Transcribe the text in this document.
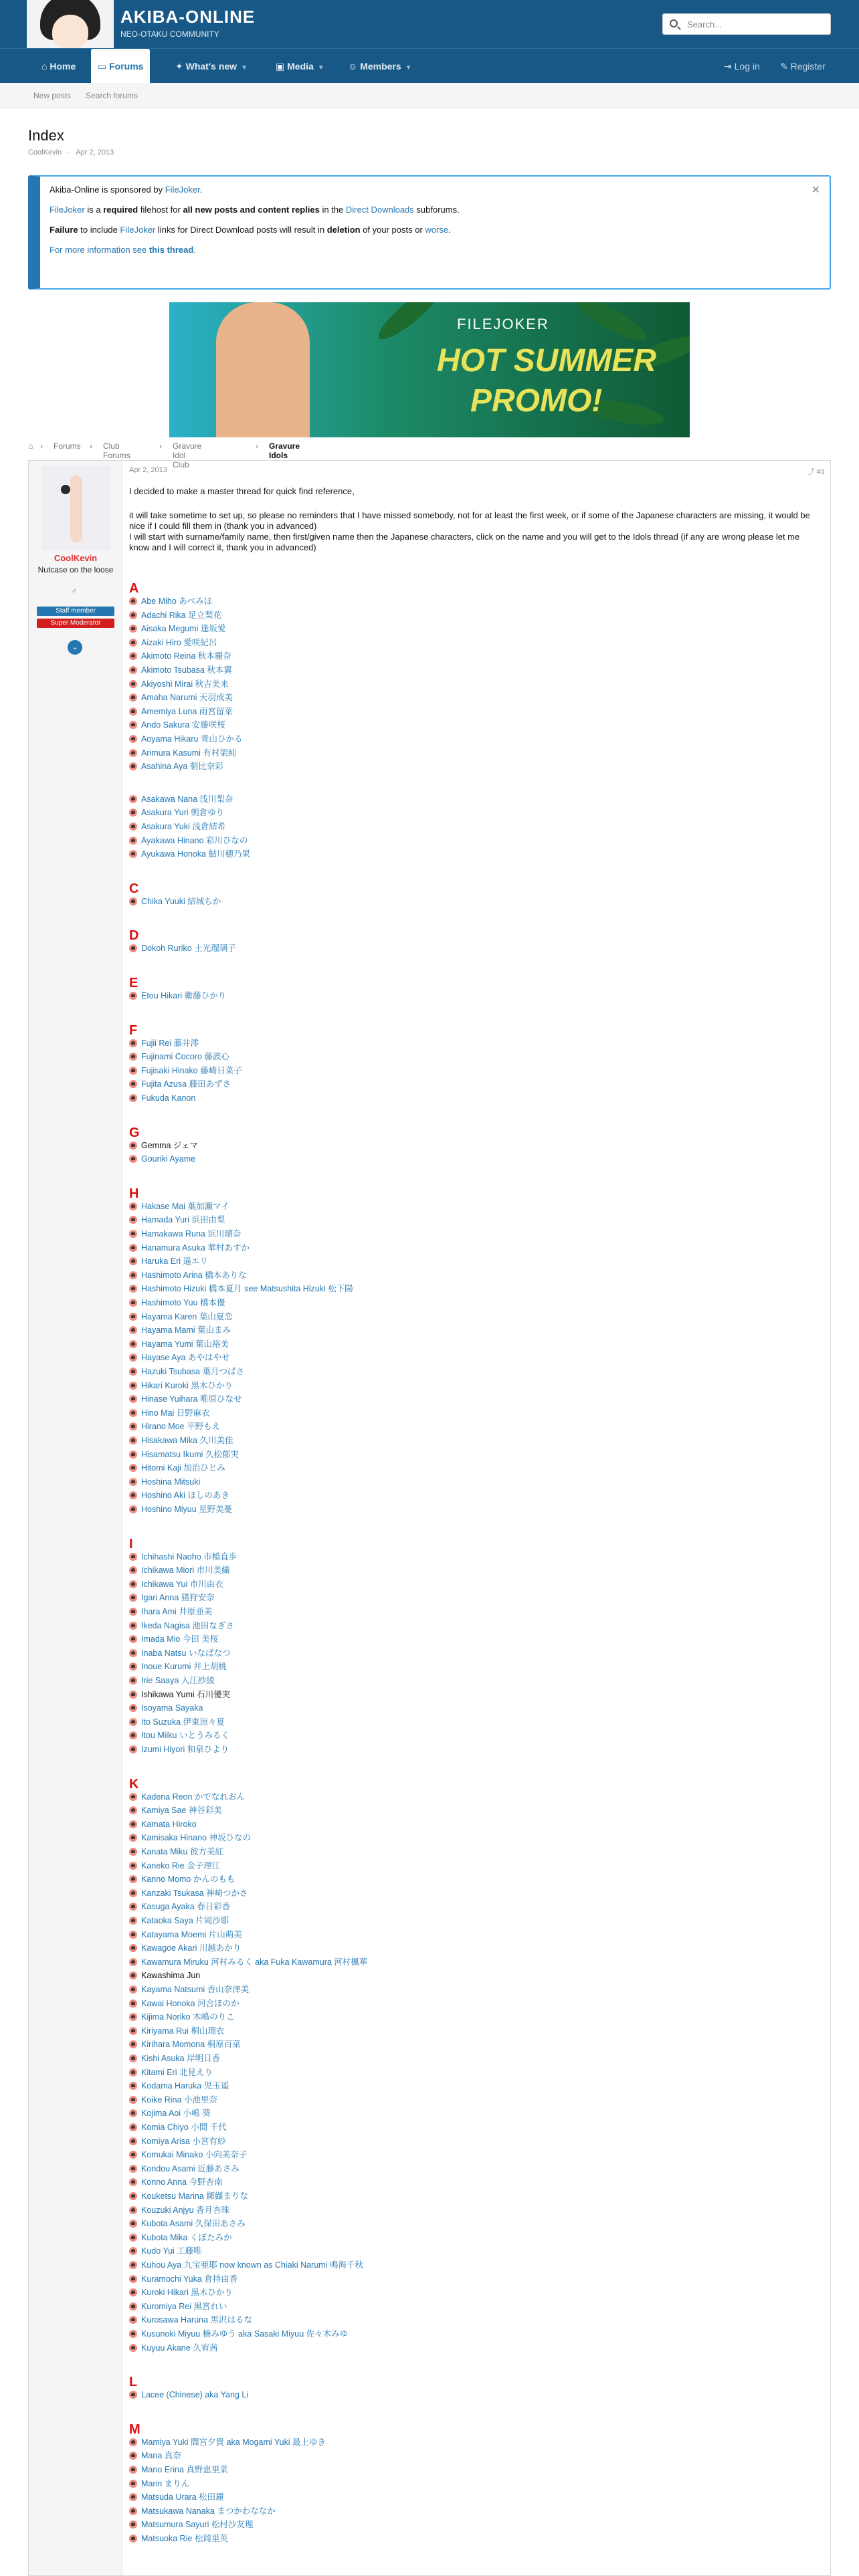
AKIBA-ONLINE
NEO-OTAKU COMMUNITY
Search...
⌂ Home	▭ Forums	✦ What's new ▼	▣ Media ▼	☺ Members ▼	⇥ Log in ✎ Register
New posts Search forums
Index
CoolKevin · Apr 2, 2013
✕

Akiba-Online is sponsored by FileJoker.

FileJoker is a required filehost for all new posts and content replies in the Direct Downloads subforums.

Failure to include FileJoker links for Direct Download posts will result in deletion of your posts or worse.

For more information see this thread.

FILEJOKER
HOT SUMMER
PROMO!
⌂ › Forums › Club Forums
› Gravure Idol Club
› Gravure Idols
CoolKevin
Nutcase on the loose
♂
Staff member
Super Moderator
⌄
Apr 2, 2013	⤴ #1

I decided to make a master thread for quick find reference,

it will take sometime to set up, so please no reminders that I have missed somebody, not for at least the first week, or if some of the Japanese characters are missing, it would be nice if I could fill them in (thank you in advanced)

I will start with surname/family name, then first/given name then the Japanese characters, click on the name and you will get to the Idols thread (if any are wrong please let me know and I will correct it, thank you in advanced)

A
Abe Miho あべみほ
Adachi Rika 足立梨花
Aisaka Megumi 逢坂愛
Aizaki Hiro 愛咲紀呂
Akimoto Reina 秋本麗奈
Akimoto Tsubasa 秋本翼
Akiyoshi Mirai 秋吉美来
Amaha Narumi 天羽成美
Amemiya Luna 雨宮留菜
Ando Sakura 安藤咲桜
Aoyama Hikaru 青山ひかる
Arimura Kasumi 有村架純
Asahina Aya 朝比奈彩
Asakawa Nana 浅川梨奈
Asakura Yuri 朝倉ゆり
Asakura Yuki 浅倉結希
Ayakawa Hinano 彩川ひなの
Ayukawa Honoka 鮎川穂乃果
C
Chika Yuuki 結城ちか
D
Dokoh Ruriko 土光瑠璃子
E
Etou Hikari 衛藤ひかり
F
Fujii Rei 藤井澪
Fujinami Cocoro 藤波心
Fujisaki Hinako 藤崎日菜子
Fujita Azusa 藤田あずさ
Fukuda Kanon
G
Gemma ジェマ
Gouriki Ayame
H
Hakase Mai 葉加瀬マイ
Hamada Yuri 浜田由梨
Hamakawa Runa 浜川瑠奈
Hanamura Asuka 華村あすか
Haruka Eri 遥エリ
Hashimoto Arina 橋本ありな
Hashimoto Hizuki 橋本夏月 see Matsushita Hizuki 松下陽
Hashimoto Yuu 橋本優
Hayama Karen 葉山夏恋
Hayama Mami 葉山まみ
Hayama Yumi 葉山裕美
Hayase Aya あやはやせ
Hazuki Tsubasa 葉月つばさ
Hikari Kuroki 黒木ひかり
Hinase Yuihara 唯原ひなせ
Hino Mai 日野麻衣
Hirano Moe 平野もえ
Hisakawa Mika 久川美佳
Hisamatsu Ikumi 久松郁実
Hitomi Kaji 加治ひとみ
Hoshina Mitsuki
Hoshino Aki ほしのあき
Hoshino Miyuu 星野美憂
I
Ichihashi Naoho 市橋直歩
Ichikawa Miori 市川美織
Ichikawa Yui 市川由衣
Igari Anna 猪狩安奈
Ihara Ami 井原亜美
Ikeda Nagisa 池田なぎさ
Imada Mio 今田 美桜
Inaba Natsu いなばなつ
Inoue Kurumi 井上胡桃
Irie Saaya 入江紗綾
Ishikawa Yumi 石川優実
Isoyama Sayaka
Ito Suzuka 伊東涼々夏
Itou Miiku いとうみるく
Izumi Hiyori 和泉ひより
K
Kadena Reon かでなれおん
Kamiya Sae 神谷彩美
Kamata Hiroko
Kamisaka Hinano 神坂ひなの
Kanata Miku 彼方美紅
Kaneko Rie 金子理江
Kanno Momo かんのもも
Kanzaki Tsukasa 神崎つかさ
Kasuga Ayaka 春日彩香
Kataoka Saya 片岡沙耶
Katayama Moemi 片山萌美
Kawagoe Akari 川越あかり
Kawamura Miruku 河村みるく aka Fuka Kawamura 河村楓華
Kawashima Jun
Kayama Natsumi 香山奈津美
Kawai Honoka 河合ほのか
Kijima Noriko 木嶋のりこ
Kiriyama Rui 桐山瑠衣
Kirihara Momona 桐原百菜
Kishi Asuka 岸明日香
Kitami Eri 北見えり
Kodama Haruka 児玉遥
Koike Rina 小池里奈
Kojima Aoi 小嶋 葵
Komia Chiyo 小間 千代
Komiya Arisa 小宮有紗
Komukai Minako 小向美奈子
Kondou Asami 近藤あさみ
Konno Anna 今野杏南
Kouketsu Marina 纐纈まりな
Kouzuki Anjyu 香月杏珠
Kubota Asami 久保田あさみ
Kubota Mika くぼたみか
Kudo Yui 工藤唯
Kuhou Aya 九宝亜耶 now known as Chiaki Narumi 鳴海千秋
Kuramochi Yuka 倉持由香
Kuroki Hikari 黒木ひかり
Kuromiya Rei 黒宮れい
Kurosawa Haruna 黒沢はるな
Kusunoki Miyuu 楠みゆう aka Sasaki Miyuu 佐々木みゆ
Kuyuu Akane 久宥茜
L
Lacee (Chinese) aka Yang Li
M
Mamiya Yuki 間宮夕貴 aka Mogami Yuki 最上ゆき
Mana 真奈
Mano Erina 真野恵里菜
Marin まりん
Matsuda Urara 松田麗
Matsukawa Nanaka まつかわななか
Matsumura Sayuri 松村沙友理
Matsuoka Rie 松岡里英
